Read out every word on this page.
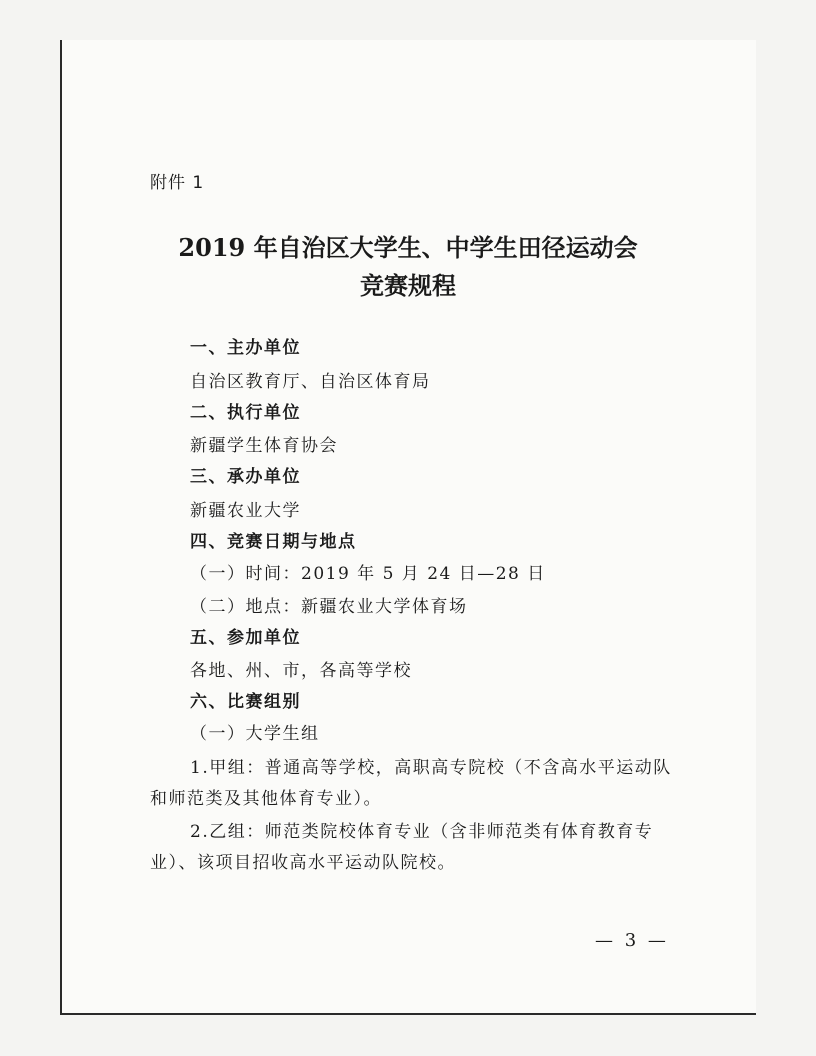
附件 1
2019 年自治区大学生、中学生田径运动会
竞赛规程
一、主办单位
自治区教育厅、自治区体育局
二、执行单位
新疆学生体育协会
三、承办单位
新疆农业大学
四、竞赛日期与地点
（一）时间：2019 年 5 月 24 日—28 日
（二）地点：新疆农业大学体育场
五、参加单位
各地、州、市，各高等学校
六、比赛组别
（一）大学生组
1.甲组：普通高等学校，高职高专院校（不含高水平运动队
和师范类及其他体育专业）。
2.乙组：师范类院校体育专业（含非师范类有体育教育专
业）、该项目招收高水平运动队院校。
— 3 —
